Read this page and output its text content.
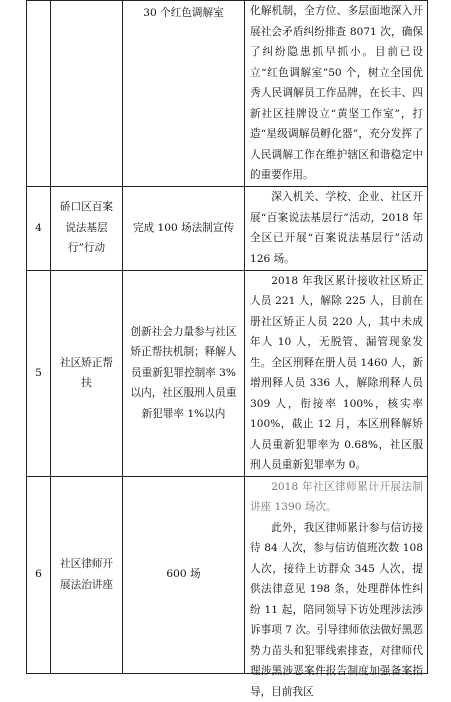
		30 个红色调解室	化解机制，全方位、多层面地深入开展社会矛盾纠纷排查 8071 次，确保了纠纷隐患抓早抓小。目前已设立“红色调解室”50 个，树立全国优秀人民调解员工作品牌，在长丰、四新社区挂牌设立“黄坚工作室”，打造“星级调解员孵化器”，充分发挥了人民调解工作在维护辖区和谐稳定中的重要作用。

4	硚口区百案说法基层行”行动	完成 100 场法制宣传	深入机关、学校、企业、社区开展“百案说法基层行”活动，2018 年全区已开展“百案说法基层行”活动 126 场。

5	社区矫正帮扶	创新社会力量参与社区矫正帮扶机制；释解人员重新犯罪控制率 3%以内，社区服刑人员重新犯罪率 1%以内	2018 年我区累计接收社区矫正人员 221 人，解除 225 人，目前在册社区矫正人员 220 人，其中未成年人 10 人，无脱管、漏管现象发生。全区刑释在册人员 1460 人，新增刑释人员 336 人，解除刑释人员 309 人，衔接率 100%，核实率 100%，截止 12 月，本区刑释解矫人员重新犯罪率为 0.68%，社区服刑人员重新犯罪率为 0。

6	社区律师开展法治讲座	600 场	2018 年社区律师累计开展法制讲座 1390 场次。

此外，我区律师累计参与信访接待 84 人次，参与信访值班次数 108 人次，接待上访群众 345 人次，提供法律意见 198 条，处理群体性纠纷 11 起，陪同领导下访处理涉法涉诉事项 7 次。引导律师依法做好黑恶势力苗头和犯罪线索排查，对律师代理涉黑涉恶案件报告制度加强备案指导，目前我区
